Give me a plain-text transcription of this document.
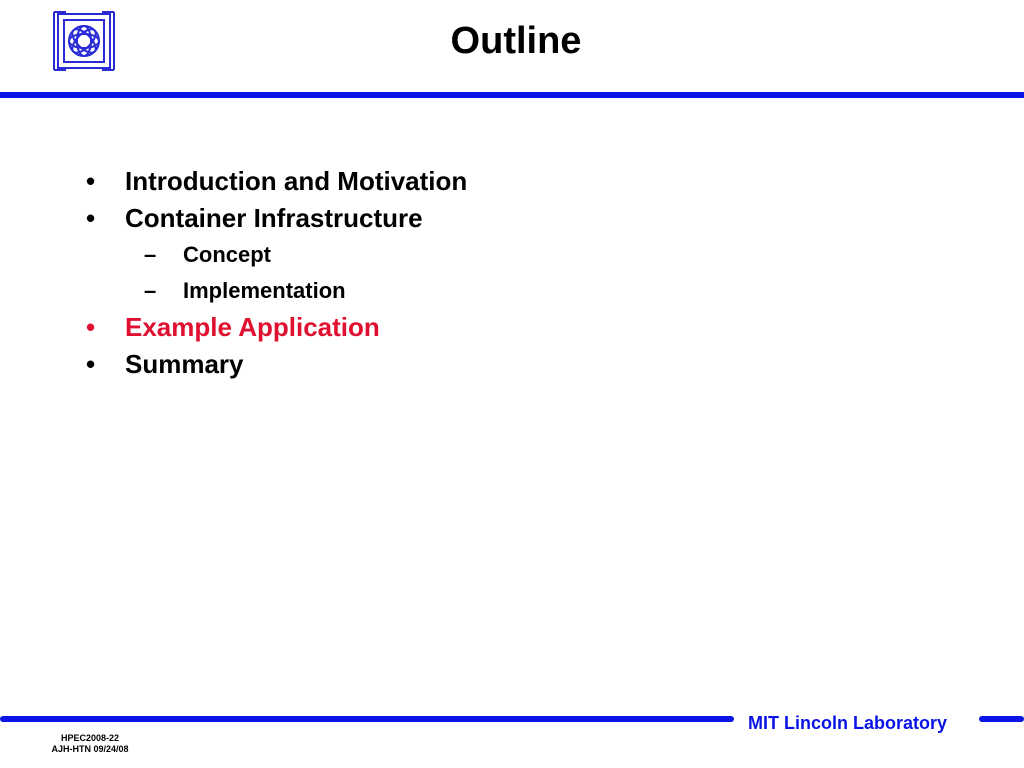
Outline
•	Introduction and Motivation
•	Container Infrastructure
– Concept
– Implementation
•	Example Application
•	Summary
MIT Lincoln Laboratory
HPEC2008-22
AJH-HTN 09/24/08
